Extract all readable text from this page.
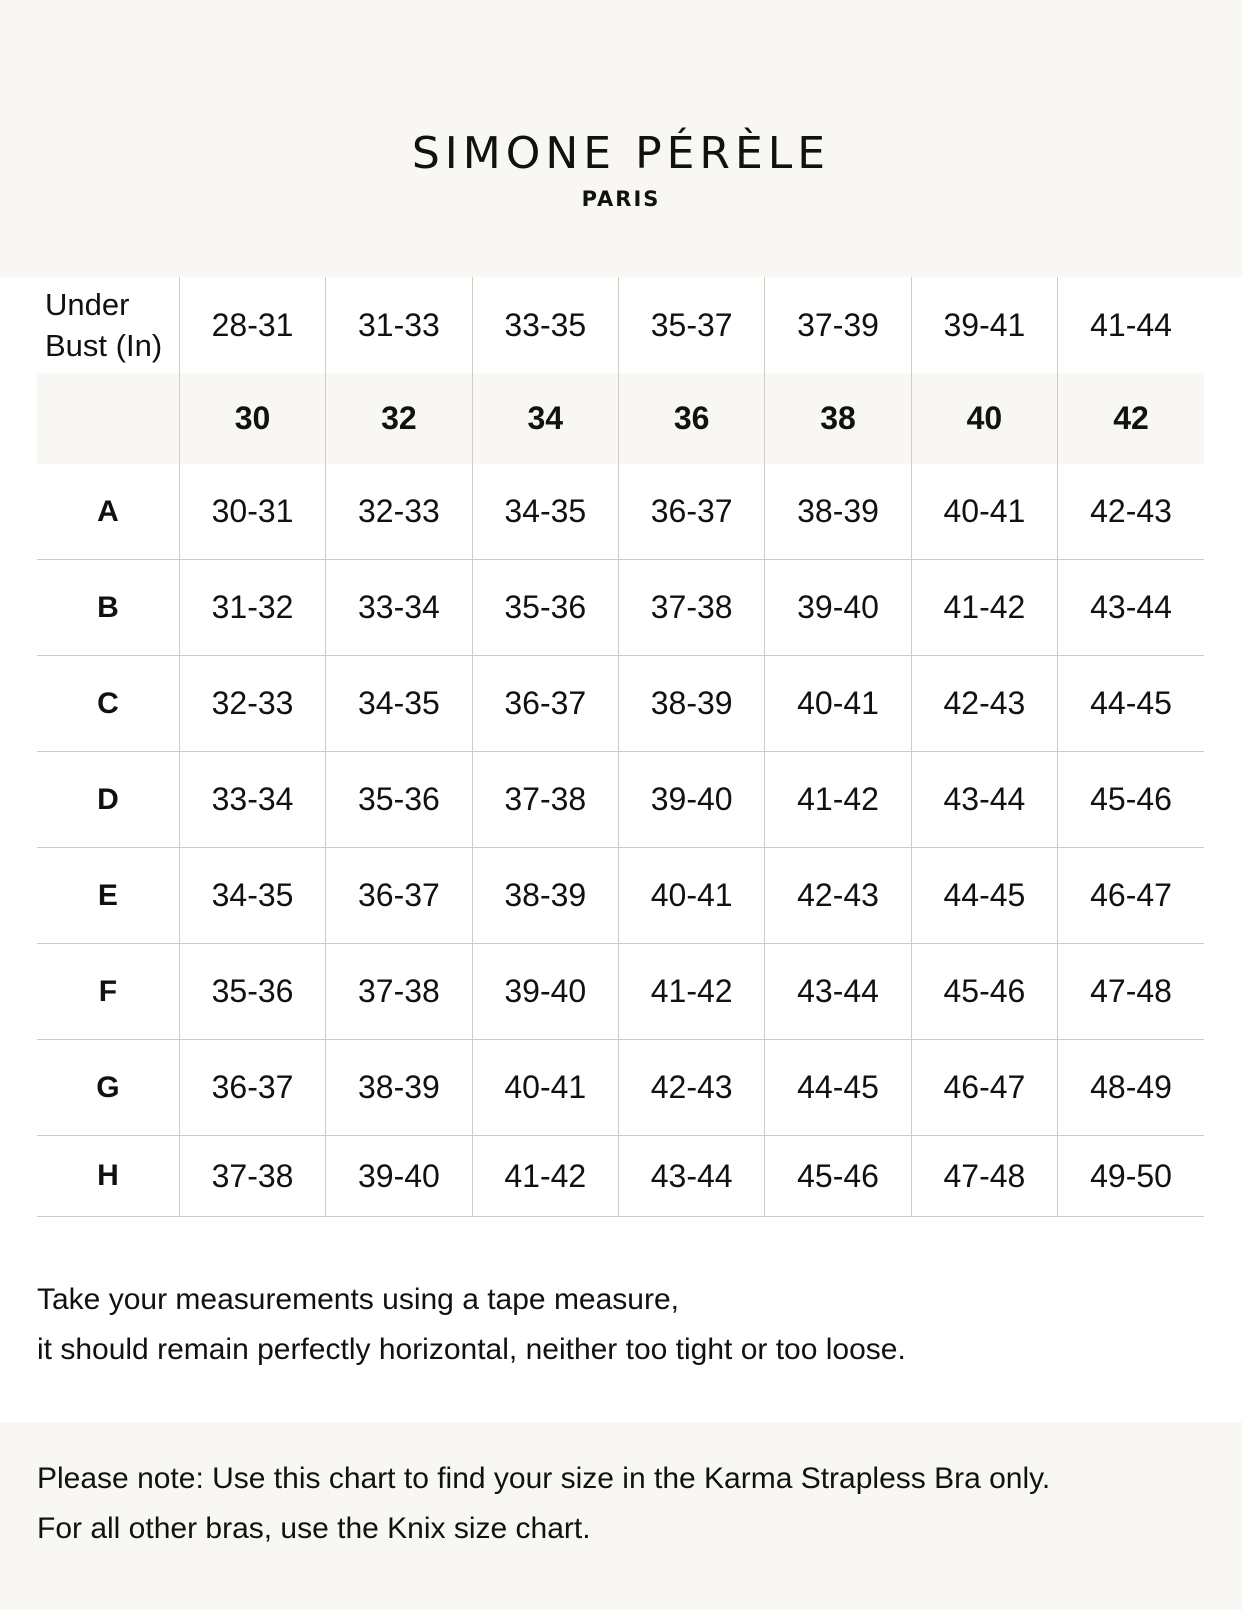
SIMONE PÉRÈLE
PARIS
Under Bust (In)	28-31	31-33	33-35	35-37	37-39	39-41	41-44
	30	32	34	36	38	40	42
A	30-31	32-33	34-35	36-37	38-39	40-41	42-43
B	31-32	33-34	35-36	37-38	39-40	41-42	43-44
C	32-33	34-35	36-37	38-39	40-41	42-43	44-45
D	33-34	35-36	37-38	39-40	41-42	43-44	45-46
E	34-35	36-37	38-39	40-41	42-43	44-45	46-47
F	35-36	37-38	39-40	41-42	43-44	45-46	47-48
G	36-37	38-39	40-41	42-43	44-45	46-47	48-49
H	37-38	39-40	41-42	43-44	45-46	47-48	49-50
Take your measurements using a tape measure,
it should remain perfectly horizontal, neither too tight or too loose.
Please note: Use this chart to find your size in the Karma Strapless Bra only.
For all other bras, use the Knix size chart.
